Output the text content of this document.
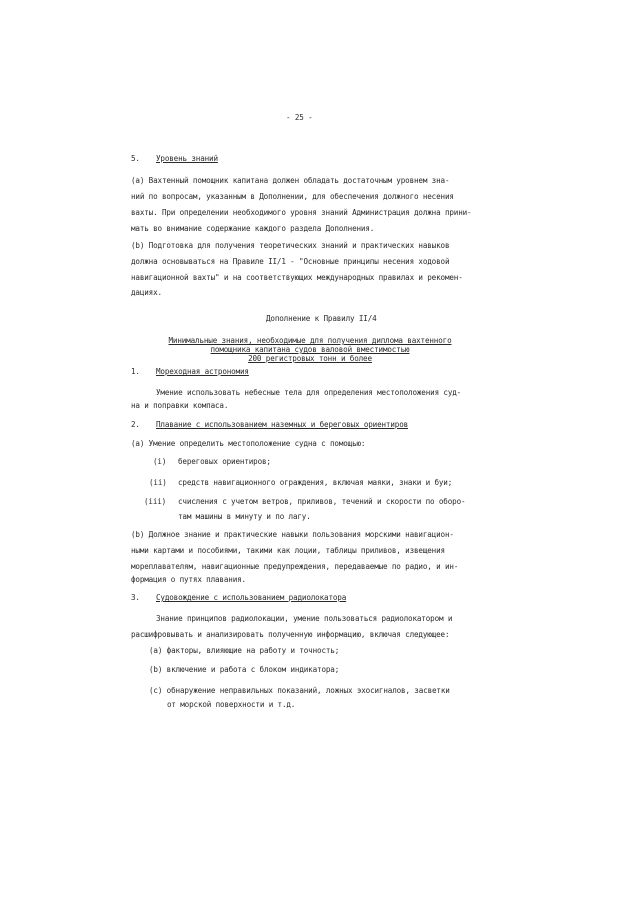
- 25 -
5. Уровень знаний
(a) Вахтенный помощник капитана должен обладать достаточным уровнем зна-
ний по вопросам, указанным в Дополнении, для обеспечения должного несения
вахты. При определении необходимого уровня знаний Администрация должна прини-
мать во внимание содержание каждого раздела Дополнения.
(b) Подготовка для получения теоретических знаний и практических навыков
должна основываться на Правиле II/1 - "Основные принципы несения ходовой
навигационной вахты" и на соответствующих международных правилах и рекомен-
дациях.
Дополнение к Правилу II/4
Минимальные знания, необходимые для получения диплома вахтенного
помощника капитана судов валовой вместимостью
200 регистровых тонн и более
1. Мореходная астрономия
Умение использовать небесные тела для определения местоположения суд-
на и поправки компаса.
2. Плавание с использованием наземных и береговых ориентиров
(a) Умение определить местоположение судна с помощью:
(i) береговых ориентиров;
(ii) средств навигационного ограждения, включая маяки, знаки и буи;
(iii) счисления с учетом ветров, приливов, течений и скорости по оборо-
там машины в минуту и по лагу.
(b) Должное знание и практические навыки пользования морскими навигацион-
ными картами и пособиями, такими как лоции, таблицы приливов, извещения
мореплавателям, навигационные предупреждения, передаваемые по радио, и ин-
формация о путях плавания.
3. Судовождение с использованием радиолокатора
Знание принципов радиолокации, умение пользоваться радиолокатором и
расшифровывать и анализировать полученную информацию, включая следующее:
(a) факторы, влияющие на работу и точность;
(b) включение и работа с блоком индикатора;
(c) обнаружение неправильных показаний, ложных эхосигналов, засветки
от морской поверхности и т.д.
